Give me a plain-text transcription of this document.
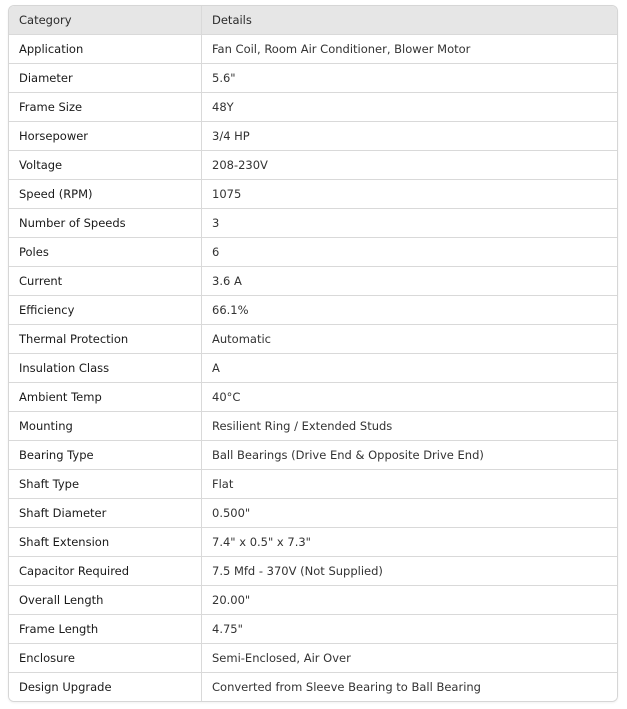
Category	Details
Application	Fan Coil, Room Air Conditioner, Blower Motor
Diameter	5.6"
Frame Size	48Y
Horsepower	3/4 HP
Voltage	208-230V
Speed (RPM)	1075
Number of Speeds	3
Poles	6
Current	3.6 A
Efficiency	66.1%
Thermal Protection	Automatic
Insulation Class	A
Ambient Temp	40°C
Mounting	Resilient Ring / Extended Studs
Bearing Type	Ball Bearings (Drive End & Opposite Drive End)
Shaft Type	Flat
Shaft Diameter	0.500"
Shaft Extension	7.4" x 0.5" x 7.3"
Capacitor Required	7.5 Mfd - 370V (Not Supplied)
Overall Length	20.00"
Frame Length	4.75"
Enclosure	Semi-Enclosed, Air Over
Design Upgrade	Converted from Sleeve Bearing to Ball Bearing
